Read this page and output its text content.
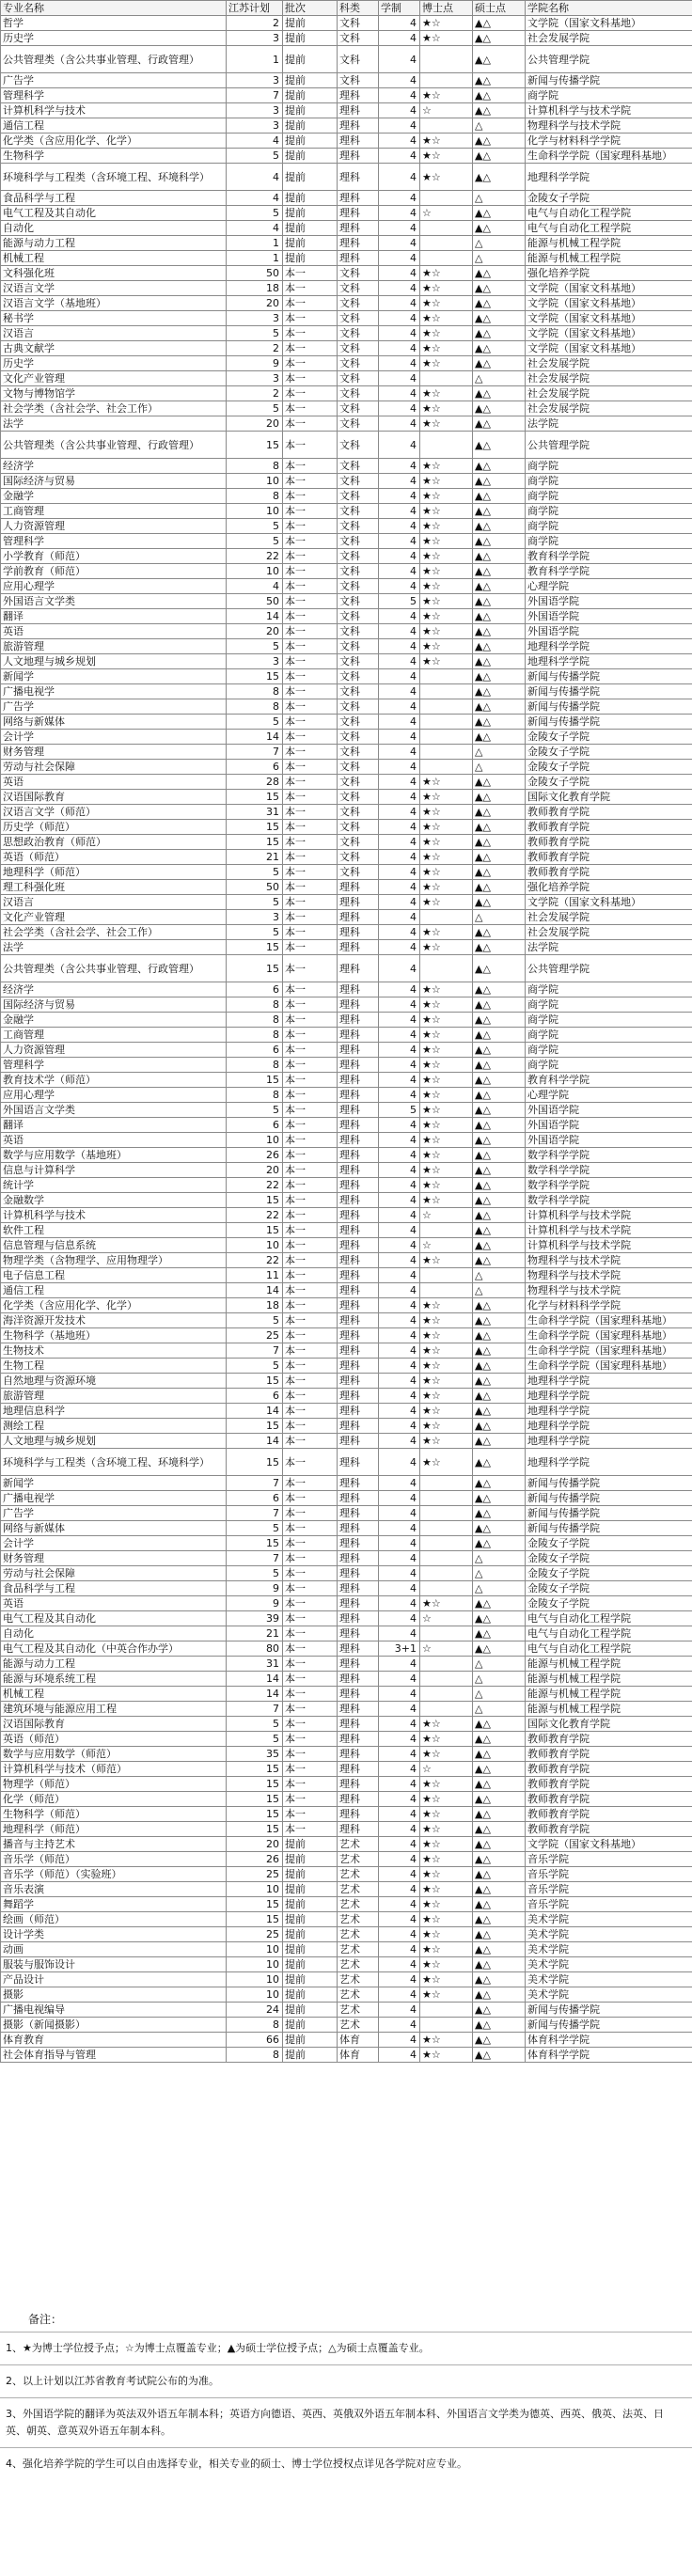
专业名称	江苏计划	批次	科类	学制	博士点	硕士点	学院名称
哲学	2	提前	文科	4	★☆	▲△	文学院（国家文科基地）
历史学	3	提前	文科	4	★☆	▲△	社会发展学院
公共管理类（含公共事业管理、行政管理）	1	提前	文科	4		▲△	公共管理学院
广告学	3	提前	文科	4		▲△	新闻与传播学院
管理科学	7	提前	理科	4	★☆	▲△	商学院
计算机科学与技术	3	提前	理科	4	☆	▲△	计算机科学与技术学院
通信工程	3	提前	理科	4		△	物理科学与技术学院
化学类（含应用化学、化学）	4	提前	理科	4	★☆	▲△	化学与材料科学学院
生物科学	5	提前	理科	4	★☆	▲△	生命科学学院（国家理科基地）
环境科学与工程类（含环境工程、环境科学）	4	提前	理科	4	★☆	▲△	地理科学学院
食品科学与工程	4	提前	理科	4		△	金陵女子学院
电气工程及其自动化	5	提前	理科	4	☆	▲△	电气与自动化工程学院
自动化	4	提前	理科	4		▲△	电气与自动化工程学院
能源与动力工程	1	提前	理科	4		△	能源与机械工程学院
机械工程	1	提前	理科	4		△	能源与机械工程学院
文科强化班	50	本一	文科	4	★☆	▲△	强化培养学院
汉语言文学	18	本一	文科	4	★☆	▲△	文学院（国家文科基地）
汉语言文学（基地班）	20	本一	文科	4	★☆	▲△	文学院（国家文科基地）
秘书学	3	本一	文科	4	★☆	▲△	文学院（国家文科基地）
汉语言	5	本一	文科	4	★☆	▲△	文学院（国家文科基地）
古典文献学	2	本一	文科	4	★☆	▲△	文学院（国家文科基地）
历史学	9	本一	文科	4	★☆	▲△	社会发展学院
文化产业管理	3	本一	文科	4		△	社会发展学院
文物与博物馆学	2	本一	文科	4	★☆	▲△	社会发展学院
社会学类（含社会学、社会工作）	5	本一	文科	4	★☆	▲△	社会发展学院
法学	20	本一	文科	4	★☆	▲△	法学院
公共管理类（含公共事业管理、行政管理）	15	本一	文科	4		▲△	公共管理学院
经济学	8	本一	文科	4	★☆	▲△	商学院
国际经济与贸易	10	本一	文科	4	★☆	▲△	商学院
金融学	8	本一	文科	4	★☆	▲△	商学院
工商管理	10	本一	文科	4	★☆	▲△	商学院
人力资源管理	5	本一	文科	4	★☆	▲△	商学院
管理科学	5	本一	文科	4	★☆	▲△	商学院
小学教育（师范）	22	本一	文科	4	★☆	▲△	教育科学学院
学前教育（师范）	10	本一	文科	4	★☆	▲△	教育科学学院
应用心理学	4	本一	文科	4	★☆	▲△	心理学院
外国语言文学类	50	本一	文科	5	★☆	▲△	外国语学院
翻译	14	本一	文科	4	★☆	▲△	外国语学院
英语	20	本一	文科	4	★☆	▲△	外国语学院
旅游管理	5	本一	文科	4	★☆	▲△	地理科学学院
人文地理与城乡规划	3	本一	文科	4	★☆	▲△	地理科学学院
新闻学	15	本一	文科	4		▲△	新闻与传播学院
广播电视学	8	本一	文科	4		▲△	新闻与传播学院
广告学	8	本一	文科	4		▲△	新闻与传播学院
网络与新媒体	5	本一	文科	4		▲△	新闻与传播学院
会计学	14	本一	文科	4		▲△	金陵女子学院
财务管理	7	本一	文科	4		△	金陵女子学院
劳动与社会保障	6	本一	文科	4		△	金陵女子学院
英语	28	本一	文科	4	★☆	▲△	金陵女子学院
汉语国际教育	15	本一	文科	4	★☆	▲△	国际文化教育学院
汉语言文学（师范）	31	本一	文科	4	★☆	▲△	教师教育学院
历史学（师范）	15	本一	文科	4	★☆	▲△	教师教育学院
思想政治教育（师范）	15	本一	文科	4	★☆	▲△	教师教育学院
英语（师范）	21	本一	文科	4	★☆	▲△	教师教育学院
地理科学（师范）	5	本一	文科	4	★☆	▲△	教师教育学院
理工科强化班	50	本一	理科	4	★☆	▲△	强化培养学院
汉语言	5	本一	理科	4	★☆	▲△	文学院（国家文科基地）
文化产业管理	3	本一	理科	4		△	社会发展学院
社会学类（含社会学、社会工作）	5	本一	理科	4	★☆	▲△	社会发展学院
法学	15	本一	理科	4	★☆	▲△	法学院
公共管理类（含公共事业管理、行政管理）	15	本一	理科	4		▲△	公共管理学院
经济学	6	本一	理科	4	★☆	▲△	商学院
国际经济与贸易	8	本一	理科	4	★☆	▲△	商学院
金融学	8	本一	理科	4	★☆	▲△	商学院
工商管理	8	本一	理科	4	★☆	▲△	商学院
人力资源管理	6	本一	理科	4	★☆	▲△	商学院
管理科学	8	本一	理科	4	★☆	▲△	商学院
教育技术学（师范）	15	本一	理科	4	★☆	▲△	教育科学学院
应用心理学	8	本一	理科	4	★☆	▲△	心理学院
外国语言文学类	5	本一	理科	5	★☆	▲△	外国语学院
翻译	6	本一	理科	4	★☆	▲△	外国语学院
英语	10	本一	理科	4	★☆	▲△	外国语学院
数学与应用数学（基地班）	26	本一	理科	4	★☆	▲△	数学科学学院
信息与计算科学	20	本一	理科	4	★☆	▲△	数学科学学院
统计学	22	本一	理科	4	★☆	▲△	数学科学学院
金融数学	15	本一	理科	4	★☆	▲△	数学科学学院
计算机科学与技术	22	本一	理科	4	☆	▲△	计算机科学与技术学院
软件工程	15	本一	理科	4		▲△	计算机科学与技术学院
信息管理与信息系统	10	本一	理科	4	☆	▲△	计算机科学与技术学院
物理学类（含物理学、应用物理学）	22	本一	理科	4	★☆	▲△	物理科学与技术学院
电子信息工程	11	本一	理科	4		△	物理科学与技术学院
通信工程	14	本一	理科	4		△	物理科学与技术学院
化学类（含应用化学、化学）	18	本一	理科	4	★☆	▲△	化学与材料科学学院
海洋资源开发技术	5	本一	理科	4	★☆	▲△	生命科学学院（国家理科基地）
生物科学（基地班）	25	本一	理科	4	★☆	▲△	生命科学学院（国家理科基地）
生物技术	7	本一	理科	4	★☆	▲△	生命科学学院（国家理科基地）
生物工程	5	本一	理科	4	★☆	▲△	生命科学学院（国家理科基地）
自然地理与资源环境	15	本一	理科	4	★☆	▲△	地理科学学院
旅游管理	6	本一	理科	4	★☆	▲△	地理科学学院
地理信息科学	14	本一	理科	4	★☆	▲△	地理科学学院
测绘工程	15	本一	理科	4	★☆	▲△	地理科学学院
人文地理与城乡规划	14	本一	理科	4	★☆	▲△	地理科学学院
环境科学与工程类（含环境工程、环境科学）	15	本一	理科	4	★☆	▲△	地理科学学院
新闻学	7	本一	理科	4		▲△	新闻与传播学院
广播电视学	6	本一	理科	4		▲△	新闻与传播学院
广告学	7	本一	理科	4		▲△	新闻与传播学院
网络与新媒体	5	本一	理科	4		▲△	新闻与传播学院
会计学	15	本一	理科	4		▲△	金陵女子学院
财务管理	7	本一	理科	4		△	金陵女子学院
劳动与社会保障	5	本一	理科	4		△	金陵女子学院
食品科学与工程	9	本一	理科	4		△	金陵女子学院
英语	9	本一	理科	4	★☆	▲△	金陵女子学院
电气工程及其自动化	39	本一	理科	4	☆	▲△	电气与自动化工程学院
自动化	21	本一	理科	4		▲△	电气与自动化工程学院
电气工程及其自动化（中英合作办学）	80	本一	理科	3+1	☆	▲△	电气与自动化工程学院
能源与动力工程	31	本一	理科	4		△	能源与机械工程学院
能源与环境系统工程	14	本一	理科	4		△	能源与机械工程学院
机械工程	14	本一	理科	4		△	能源与机械工程学院
建筑环境与能源应用工程	7	本一	理科	4		△	能源与机械工程学院
汉语国际教育	5	本一	理科	4	★☆	▲△	国际文化教育学院
英语（师范）	5	本一	理科	4	★☆	▲△	教师教育学院
数学与应用数学（师范）	35	本一	理科	4	★☆	▲△	教师教育学院
计算机科学与技术（师范）	15	本一	理科	4	☆	▲△	教师教育学院
物理学（师范）	15	本一	理科	4	★☆	▲△	教师教育学院
化学（师范）	15	本一	理科	4	★☆	▲△	教师教育学院
生物科学（师范）	15	本一	理科	4	★☆	▲△	教师教育学院
地理科学（师范）	15	本一	理科	4	★☆	▲△	教师教育学院
播音与主持艺术	20	提前	艺术	4	★☆	▲△	文学院（国家文科基地）
音乐学（师范）	26	提前	艺术	4	★☆	▲△	音乐学院
音乐学（师范）（实验班）	25	提前	艺术	4	★☆	▲△	音乐学院
音乐表演	10	提前	艺术	4	★☆	▲△	音乐学院
舞蹈学	15	提前	艺术	4	★☆	▲△	音乐学院
绘画（师范）	15	提前	艺术	4	★☆	▲△	美术学院
设计学类	25	提前	艺术	4	★☆	▲△	美术学院
动画	10	提前	艺术	4	★☆	▲△	美术学院
服装与服饰设计	10	提前	艺术	4	★☆	▲△	美术学院
产品设计	10	提前	艺术	4	★☆	▲△	美术学院
摄影	10	提前	艺术	4	★☆	▲△	美术学院
广播电视编导	24	提前	艺术	4		▲△	新闻与传播学院
摄影（新闻摄影）	8	提前	艺术	4		▲△	新闻与传播学院
体育教育	66	提前	体育	4	★☆	▲△	体育科学学院
社会体育指导与管理	8	提前	体育	4	★☆	▲△	体育科学学院
备注：
1、★为博士学位授予点；☆为博士点覆盖专业；▲为硕士学位授予点；△为硕士点覆盖专业。
2、以上计划以江苏省教育考试院公布的为准。
3、外国语学院的翻译为英法双外语五年制本科；英语方向德语、英西、英俄双外语五年制本科、外国语言文学类为德英、西英、俄英、法英、日英、朝英、意英双外语五年制本科。
4、强化培养学院的学生可以自由选择专业，相关专业的硕士、博士学位授权点详见各学院对应专业。
